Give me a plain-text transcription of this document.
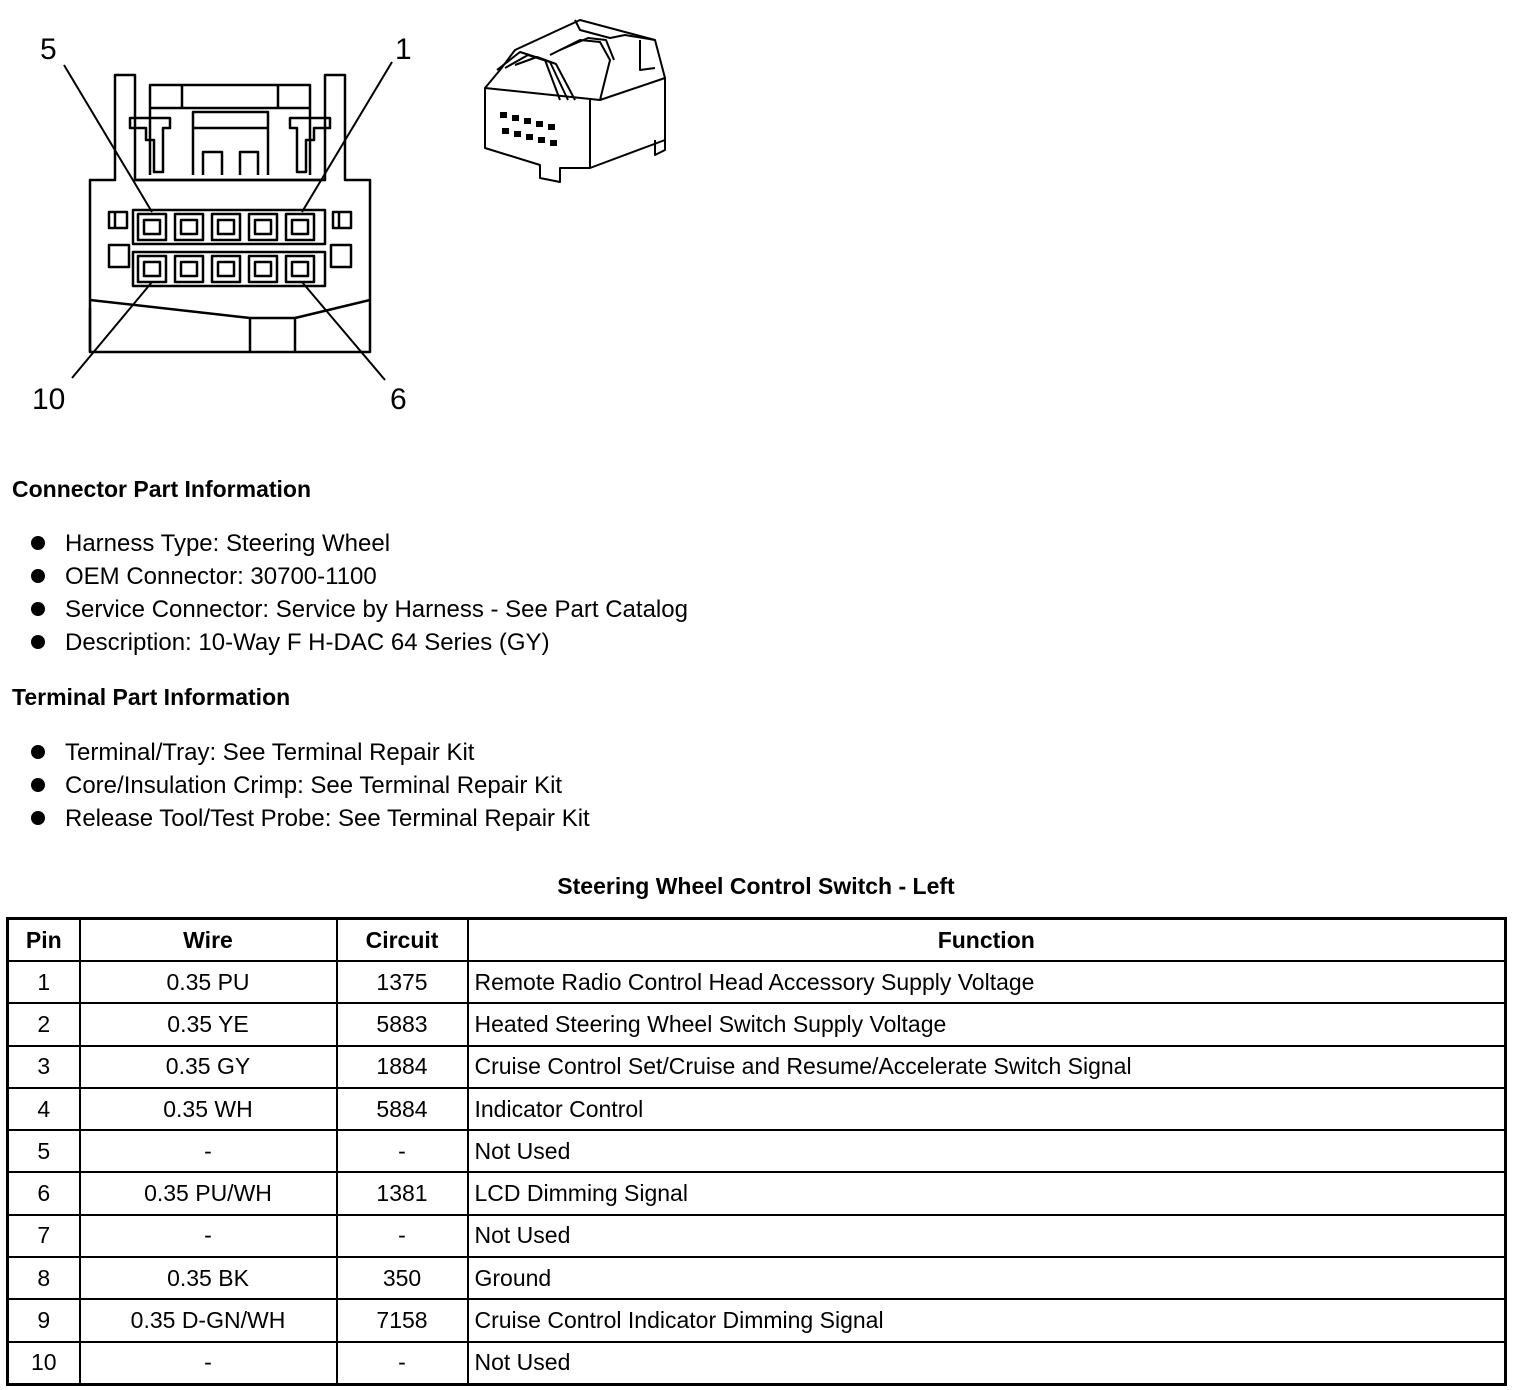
5	1
10	6
Connector Part Information
Harness Type: Steering Wheel
OEM Connector: 30700-1100
Service Connector: Service by Harness - See Part Catalog
Description: 10-Way F H-DAC 64 Series (GY)
Terminal Part Information
Terminal/Tray: See Terminal Repair Kit
Core/Insulation Crimp: See Terminal Repair Kit
Release Tool/Test Probe: See Terminal Repair Kit
Steering Wheel Control Switch - Left
Pin	Wire	Circuit	Function
1	0.35 PU	1375	Remote Radio Control Head Accessory Supply Voltage
2	0.35 YE	5883	Heated Steering Wheel Switch Supply Voltage
3	0.35 GY	1884	Cruise Control Set/Cruise and Resume/Accelerate Switch Signal
4	0.35 WH	5884	Indicator Control
5	-	-	Not Used
6	0.35 PU/WH	1381	LCD Dimming Signal
7	-	-	Not Used
8	0.35 BK	350	Ground
9	0.35 D-GN/WH	7158	Cruise Control Indicator Dimming Signal
10	-	-	Not Used
